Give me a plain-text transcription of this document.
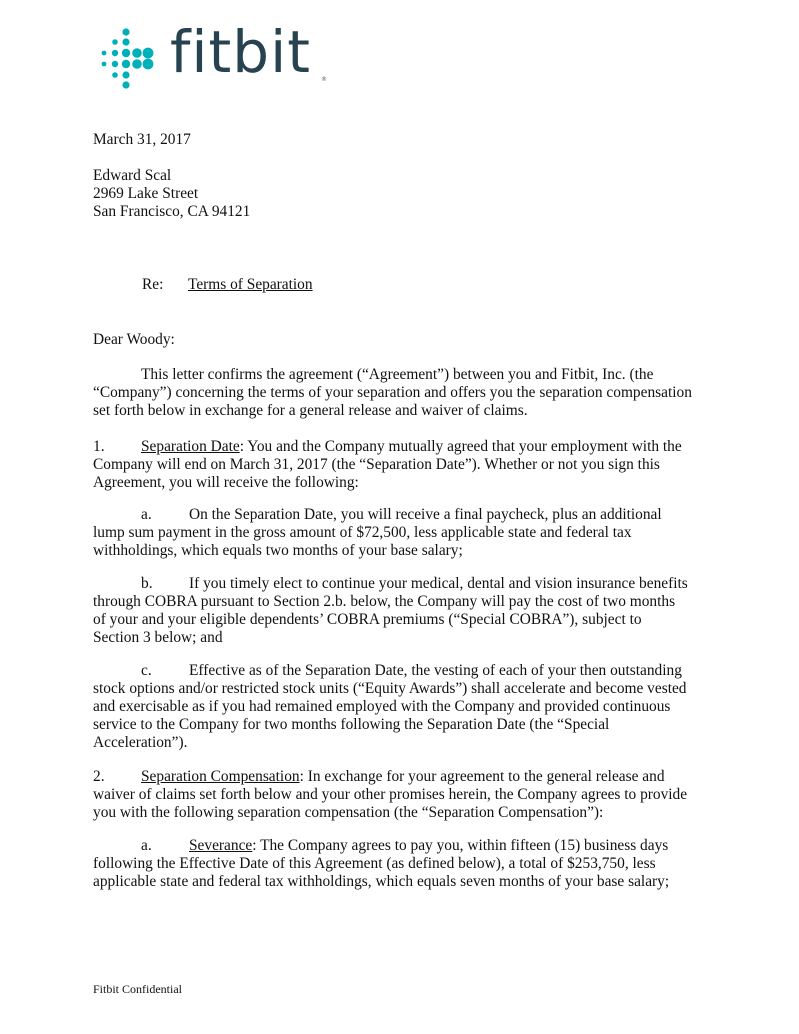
fitbit ®
March 31, 2017
Edward Scal
2969 Lake Street
San Francisco, CA 94121
Re: Terms of Separation
Dear Woody:
This letter confirms the agreement (“Agreement”) between you and Fitbit, Inc. (the
“Company”) concerning the terms of your separation and offers you the separation compensation
set forth below in exchange for a general release and waiver of claims.
1. Separation Date: You and the Company mutually agreed that your employment with the
Company will end on March 31, 2017 (the “Separation Date”). Whether or not you sign this
Agreement, you will receive the following:
a. On the Separation Date, you will receive a final paycheck, plus an additional
lump sum payment in the gross amount of $72,500, less applicable state and federal tax
withholdings, which equals two months of your base salary;
b. If you timely elect to continue your medical, dental and vision insurance benefits
through COBRA pursuant to Section 2.b. below, the Company will pay the cost of two months
of your and your eligible dependents’ COBRA premiums (“Special COBRA”), subject to
Section 3 below; and
c. Effective as of the Separation Date, the vesting of each of your then outstanding
stock options and/or restricted stock units (“Equity Awards”) shall accelerate and become vested
and exercisable as if you had remained employed with the Company and provided continuous
service to the Company for two months following the Separation Date (the “Special
Acceleration”).
2. Separation Compensation: In exchange for your agreement to the general release and
waiver of claims set forth below and your other promises herein, the Company agrees to provide
you with the following separation compensation (the “Separation Compensation”):
a. Severance: The Company agrees to pay you, within fifteen (15) business days
following the Effective Date of this Agreement (as defined below), a total of $253,750, less
applicable state and federal tax withholdings, which equals seven months of your base salary;
Fitbit Confidential
